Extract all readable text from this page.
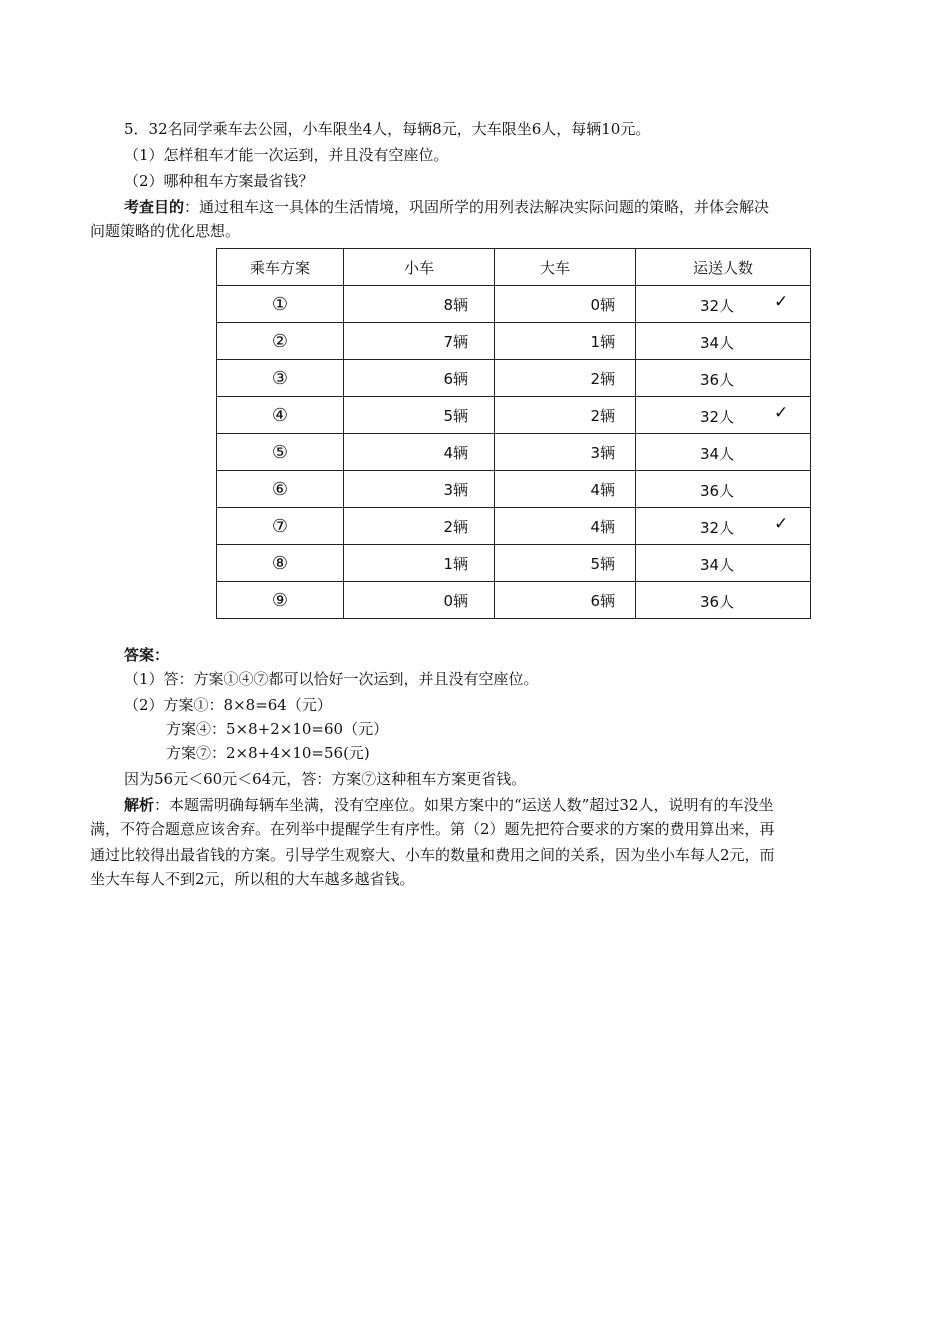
5．32名同学乘车去公园，小车限坐4人，每辆8元，大车限坐6人，每辆10元。
（1）怎样租车才能一次运到，并且没有空座位。
（2）哪种租车方案最省钱？
考查目的：通过租车这一具体的生活情境，巩固所学的用列表法解决实际问题的策略，并体会解决
问题策略的优化思想。
乘车方案	小车	大车	运送人数
①	8辆	0辆	32人 ✓

②	7辆	1辆	34人

③	6辆	2辆	36人

④	5辆	2辆	32人 ✓

⑤	4辆	3辆	34人

⑥	3辆	4辆	36人

⑦	2辆	4辆	32人 ✓

⑧	1辆	5辆	34人

⑨	0辆	6辆	36人
答案：
（1）答：方案①④⑦都可以恰好一次运到，并且没有空座位。
（2）方案①：8×8=64（元）
方案④：5×8+2×10=60（元）
方案⑦：2×8+4×10=56(元)
因为56元＜60元＜64元，答：方案⑦这种租车方案更省钱。
解析：本题需明确每辆车坐满，没有空座位。如果方案中的“运送人数”超过32人，说明有的车没坐
满，不符合题意应该舍弃。在列举中提醒学生有序性。第（2）题先把符合要求的方案的费用算出来，再
通过比较得出最省钱的方案。引导学生观察大、小车的数量和费用之间的关系，因为坐小车每人2元，而
坐大车每人不到2元，所以租的大车越多越省钱。
